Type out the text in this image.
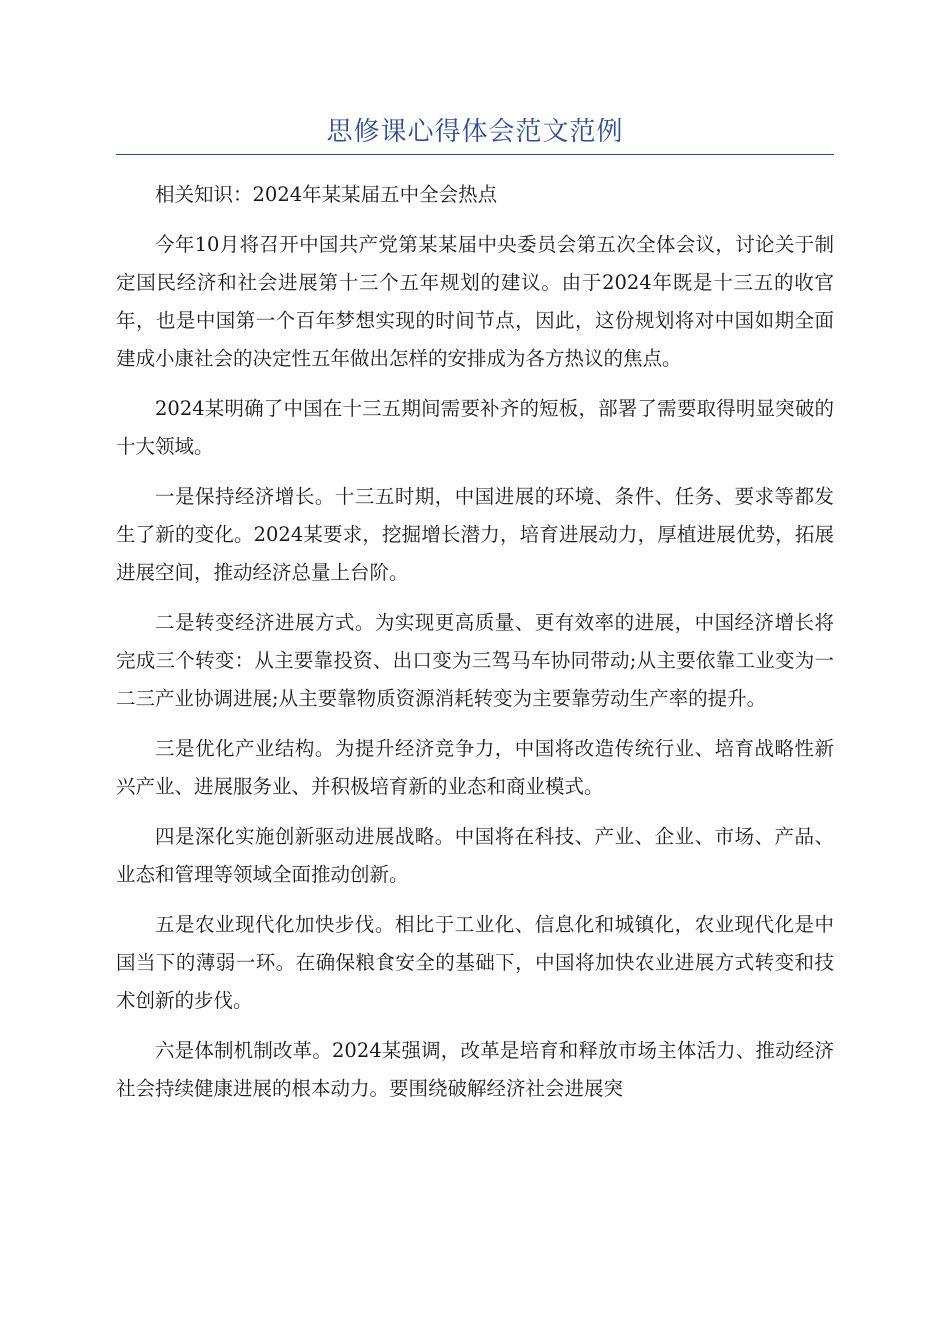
思修课心得体会范文范例

相关知识：2024年某某届五中全会热点

今年10月将召开中国共产党第某某届中央委员会第五次全体会议，讨论关于制定国民经济和社会进展第十三个五年规划的建议。由于2024年既是十三五的收官年，也是中国第一个百年梦想实现的时间节点，因此，这份规划将对中国如期全面建成小康社会的决定性五年做出怎样的安排成为各方热议的焦点。

2024某明确了中国在十三五期间需要补齐的短板，部署了需要取得明显突破的十大领域。

一是保持经济增长。十三五时期，中国进展的环境、条件、任务、要求等都发生了新的变化。2024某要求，挖掘增长潜力，培育进展动力，厚植进展优势，拓展进展空间，推动经济总量上台阶。

二是转变经济进展方式。为实现更高质量、更有效率的进展，中国经济增长将完成三个转变：从主要靠投资、出口变为三驾马车协同带动;从主要依靠工业变为一二三产业协调进展;从主要靠物质资源消耗转变为主要靠劳动生产率的提升。

三是优化产业结构。为提升经济竞争力，中国将改造传统行业、培育战略性新兴产业、进展服务业、并积极培育新的业态和商业模式。

四是深化实施创新驱动进展战略。中国将在科技、产业、企业、市场、产品、业态和管理等领域全面推动创新。

五是农业现代化加快步伐。相比于工业化、信息化和城镇化，农业现代化是中国当下的薄弱一环。在确保粮食安全的基础下，中国将加快农业进展方式转变和技术创新的步伐。

六是体制机制改革。2024某强调，改革是培育和释放市场主体活力、推动经济社会持续健康进展的根本动力。要围绕破解经济社会进展突
